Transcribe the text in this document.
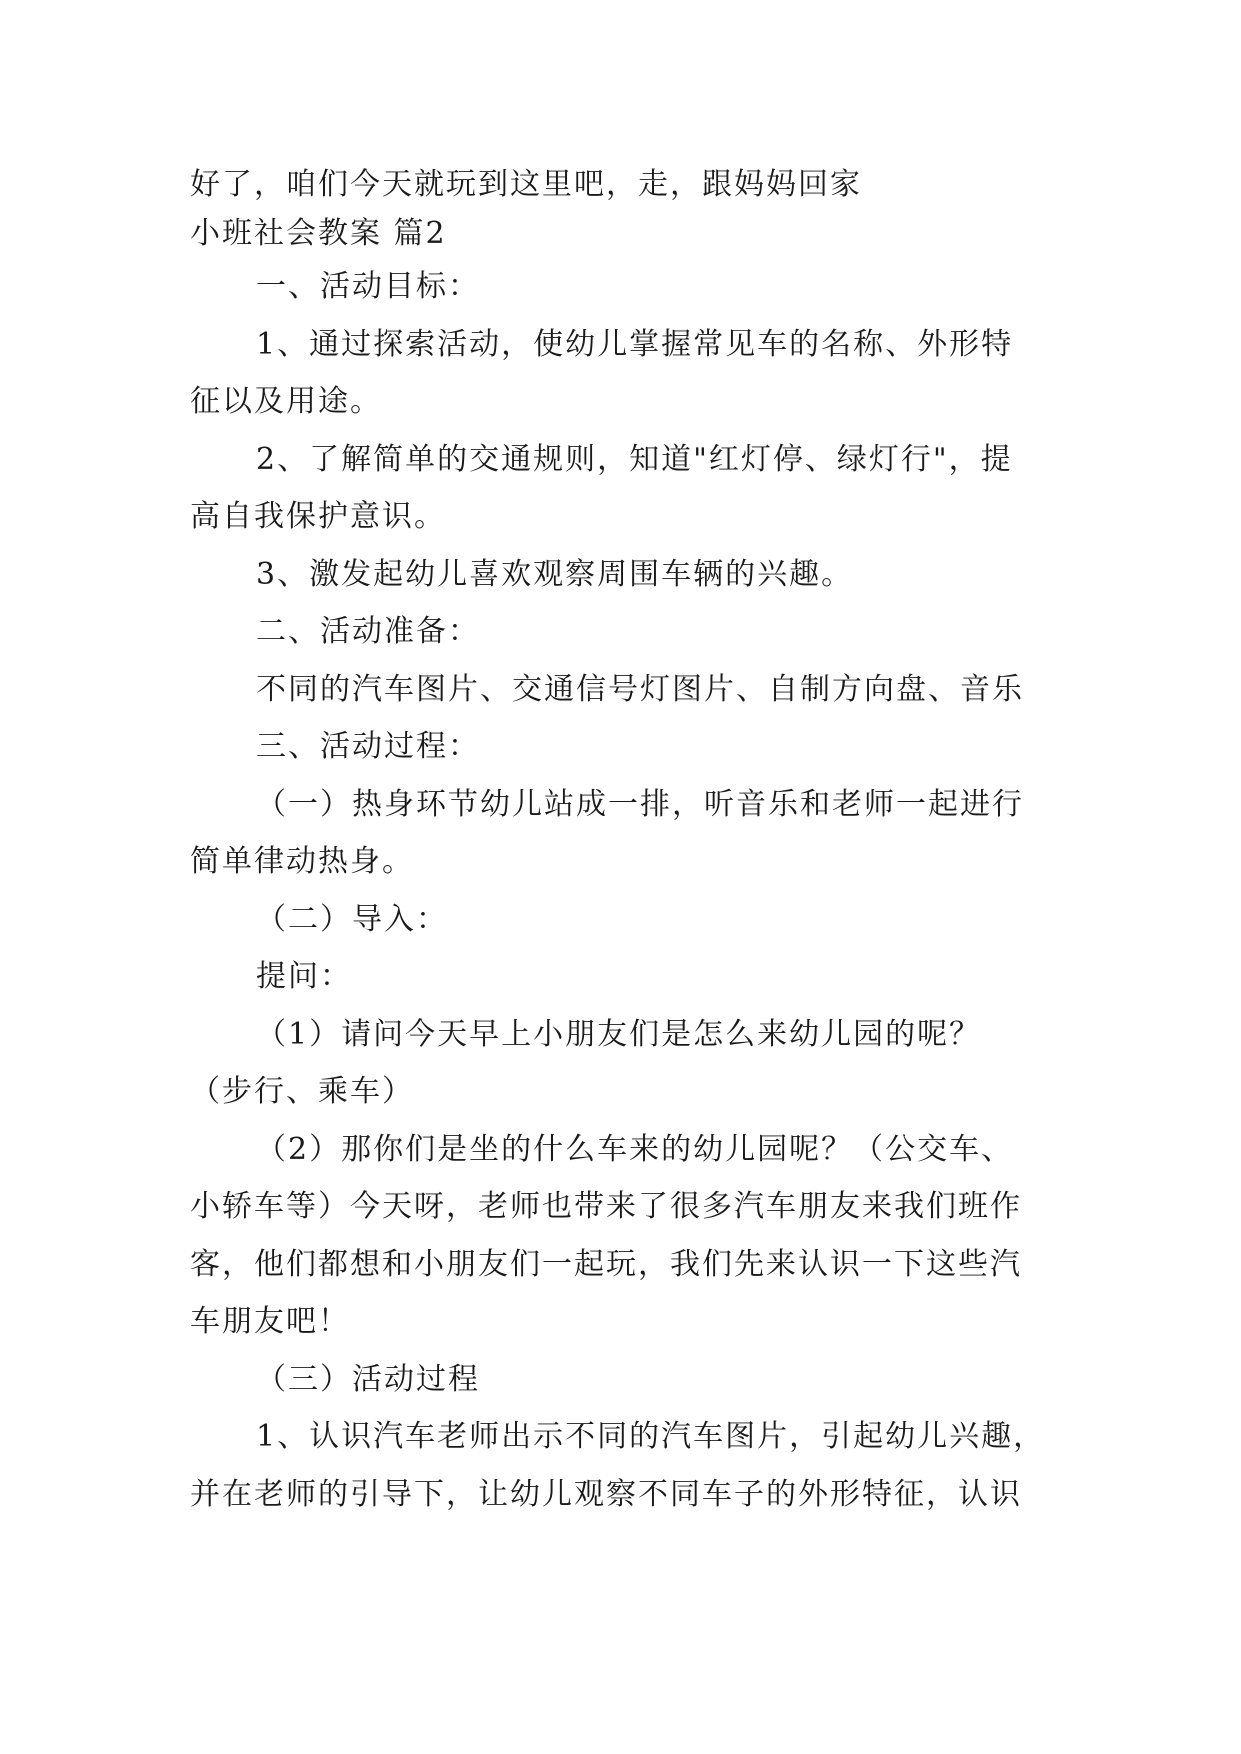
好了，咱们今天就玩到这里吧，走，跟妈妈回家
小班社会教案 篇2
一、活动目标：
1、通过探索活动，使幼儿掌握常见车的名称、外形特
征以及用途。
2、了解简单的交通规则，知道"红灯停、绿灯行"，提
高自我保护意识。
3、激发起幼儿喜欢观察周围车辆的兴趣。
二、活动准备：
不同的汽车图片、交通信号灯图片、自制方向盘、音乐
三、活动过程：
（一）热身环节幼儿站成一排，听音乐和老师一起进行
简单律动热身。
（二）导入：
提问：
（1）请问今天早上小朋友们是怎么来幼儿园的呢？
（步行、乘车）
（2）那你们是坐的什么车来的幼儿园呢？（公交车、
小轿车等）今天呀，老师也带来了很多汽车朋友来我们班作
客，他们都想和小朋友们一起玩，我们先来认识一下这些汽
车朋友吧！
（三）活动过程
1、认识汽车老师出示不同的汽车图片，引起幼儿兴趣，
并在老师的引导下，让幼儿观察不同车子的外形特征，认识
